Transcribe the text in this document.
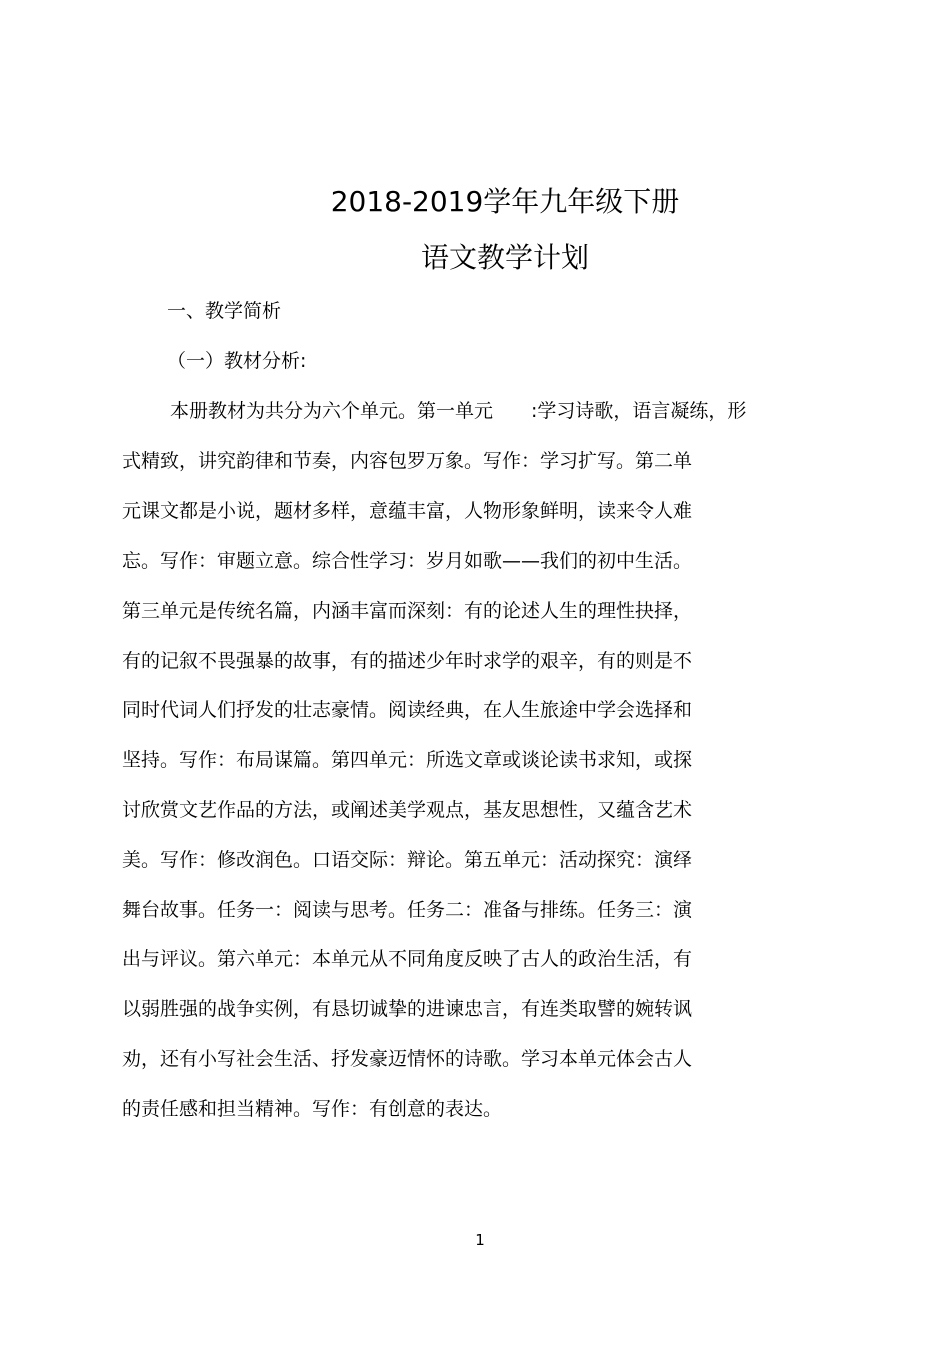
2018-2019学年九年级下册
语文教学计划
一、教学简析
（一）教材分析:
本册教材为共分为六个单元。第一单元　　:学习诗歌，语言凝练，形
式精致，讲究韵律和节奏，内容包罗万象。写作：学习扩写。第二单
元课文都是小说，题材多样，意蕴丰富，人物形象鲜明，读来令人难
忘。写作：审题立意。综合性学习：岁月如歌——我们的初中生活。
第三单元是传统名篇，内涵丰富而深刻：有的论述人生的理性抉择，
有的记叙不畏强暴的故事，有的描述少年时求学的艰辛，有的则是不
同时代词人们抒发的壮志豪情。阅读经典，在人生旅途中学会选择和
坚持。写作：布局谋篇。第四单元：所选文章或谈论读书求知，或探
讨欣赏文艺作品的方法，或阐述美学观点，基友思想性，又蕴含艺术
美。写作：修改润色。口语交际：辩论。第五单元：活动探究：演绎
舞台故事。任务一：阅读与思考。任务二：准备与排练。任务三：演
出与评议。第六单元：本单元从不同角度反映了古人的政治生活，有
以弱胜强的战争实例，有恳切诚挚的进谏忠言，有连类取譬的婉转讽
劝，还有小写社会生活、抒发豪迈情怀的诗歌。学习本单元体会古人
的责任感和担当精神。写作：有创意的表达。
1
